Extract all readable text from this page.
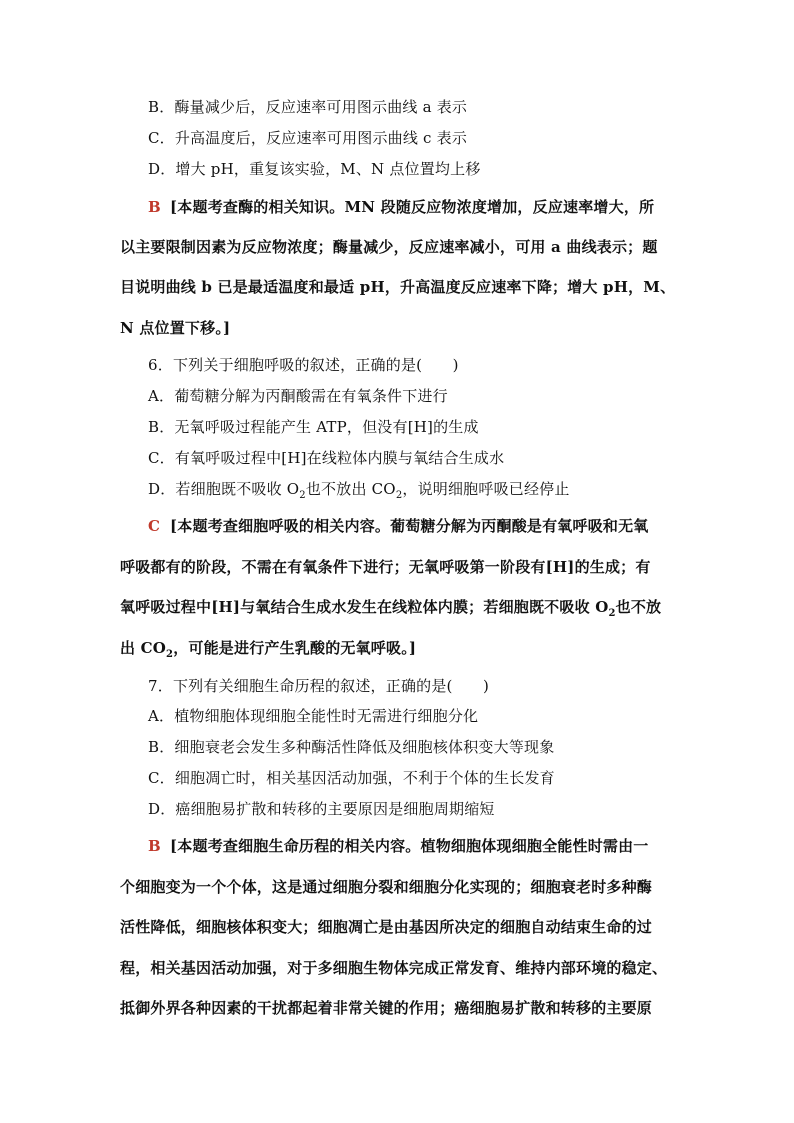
B．酶量减少后，反应速率可用图示曲线 a 表示
C．升高温度后，反应速率可用图示曲线 c 表示
D．增大 pH，重复该实验，M、N 点位置均上移
B [本题考查酶的相关知识。MN 段随反应物浓度增加，反应速率增大，所
以主要限制因素为反应物浓度；酶量减少，反应速率减小，可用 a 曲线表示；题
目说明曲线 b 已是最适温度和最适 pH，升高温度反应速率下降；增大 pH，M、
N 点位置下移。]
6．下列关于细胞呼吸的叙述，正确的是(　　)
A．葡萄糖分解为丙酮酸需在有氧条件下进行
B．无氧呼吸过程能产生 ATP，但没有[H]的生成
C．有氧呼吸过程中[H]在线粒体内膜与氧结合生成水
D．若细胞既不吸收 $O_2$也不放出 $CO_2$，说明细胞呼吸已经停止
C [本题考查细胞呼吸的相关内容。葡萄糖分解为丙酮酸是有氧呼吸和无氧
呼吸都有的阶段，不需在有氧条件下进行；无氧呼吸第一阶段有[H]的生成；有
氧呼吸过程中[H]与氧结合生成水发生在线粒体内膜；若细胞既不吸收 $O_2$也不放
出 $CO_2$，可能是进行产生乳酸的无氧呼吸。]
7．下列有关细胞生命历程的叙述，正确的是(　　)
A．植物细胞体现细胞全能性时无需进行细胞分化
B．细胞衰老会发生多种酶活性降低及细胞核体积变大等现象
C．细胞凋亡时，相关基因活动加强，不利于个体的生长发育
D．癌细胞易扩散和转移的主要原因是细胞周期缩短
B [本题考查细胞生命历程的相关内容。植物细胞体现细胞全能性时需由一
个细胞变为一个个体，这是通过细胞分裂和细胞分化实现的；细胞衰老时多种酶
活性降低，细胞核体积变大；细胞凋亡是由基因所决定的细胞自动结束生命的过
程，相关基因活动加强，对于多细胞生物体完成正常发育、维持内部环境的稳定、
抵御外界各种因素的干扰都起着非常关键的作用；癌细胞易扩散和转移的主要原
